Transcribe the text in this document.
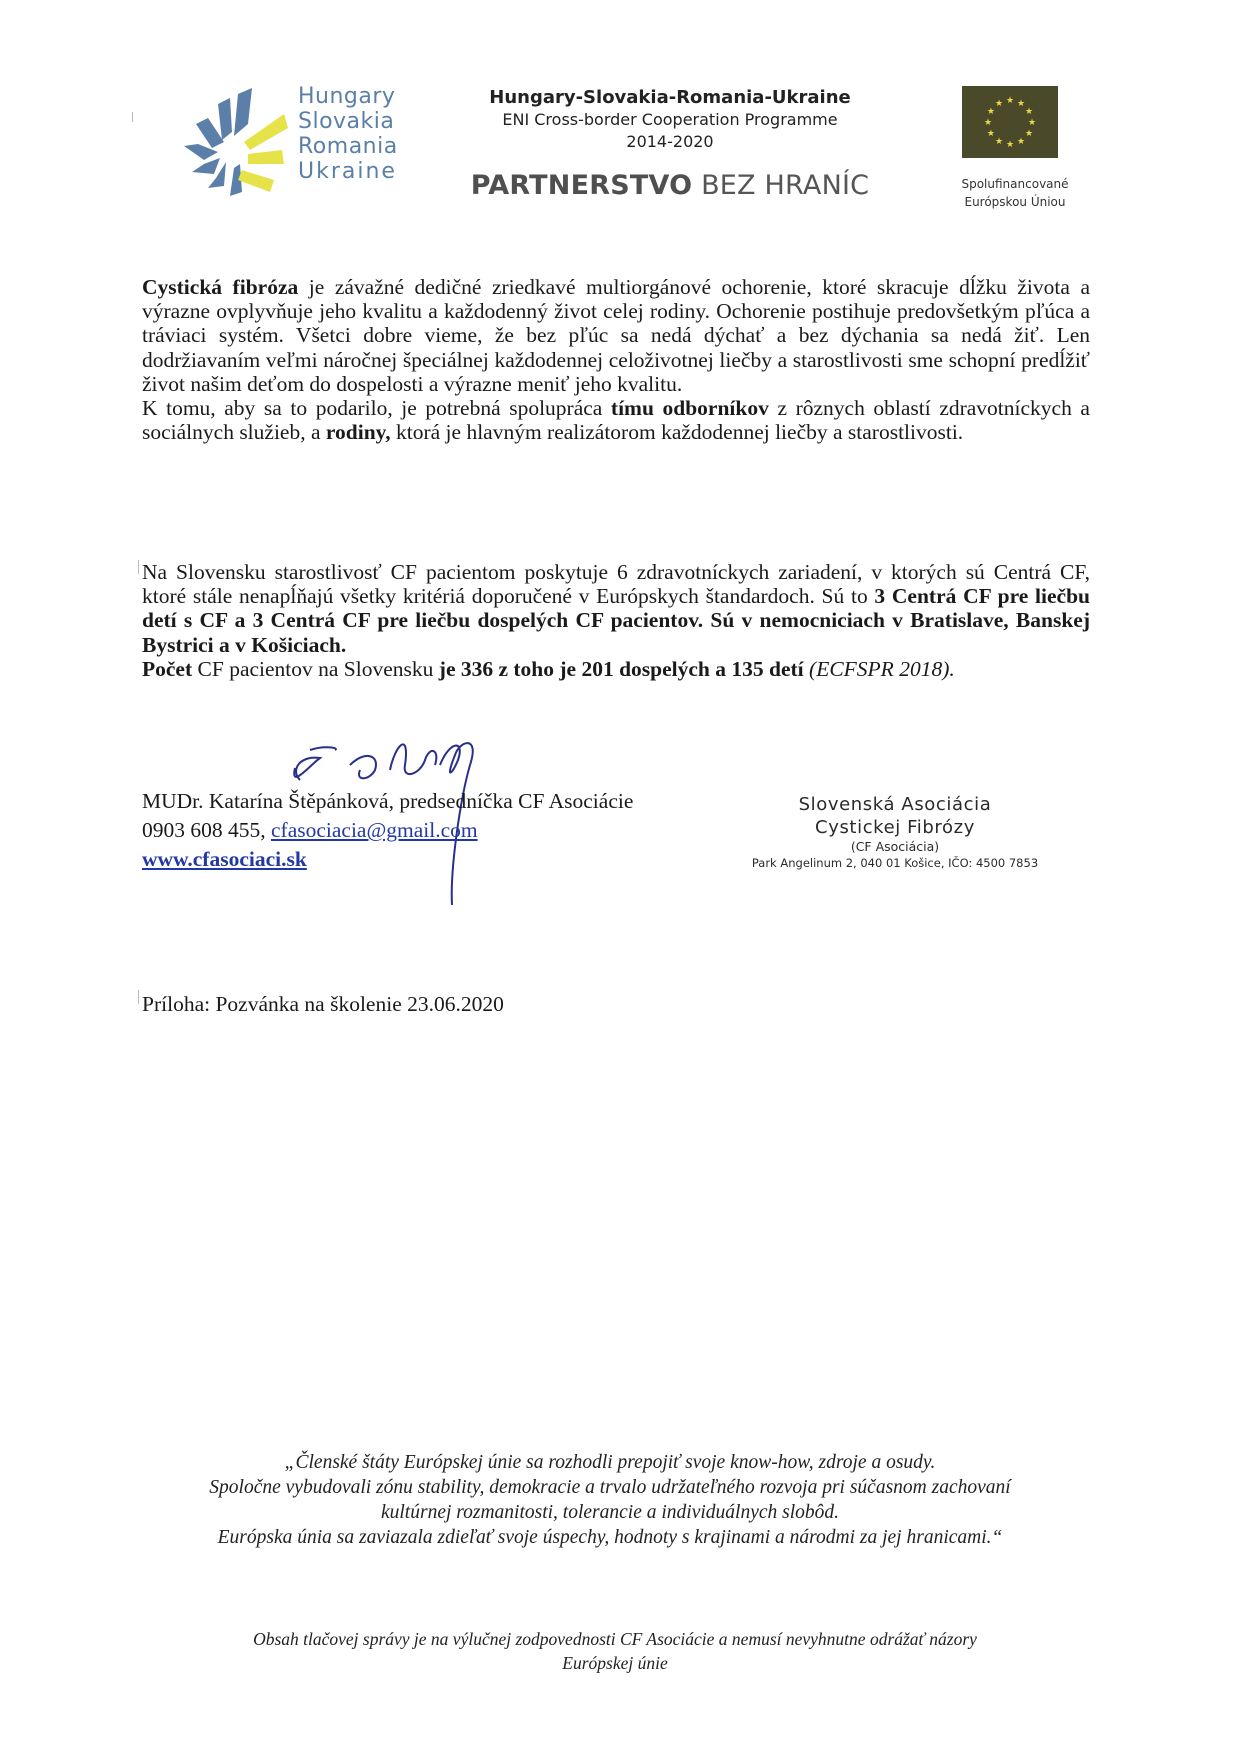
Hungary
Slovakia
Romania
Ukraine
Hungary-Slovakia-Romania-Ukraine
ENI Cross-border Cooperation Programme
2014-2020
PARTNERSTVO BEZ HRANÍC
★ ★
★
★
★
★
★
★
★
★
★
★
Spolufinancované
Európskou Úniou
Cystická fibróza je závažné dedičné zriedkavé multiorgánové ochorenie, ktoré skracuje dĺžku života a výrazne ovplyvňuje jeho kvalitu a každodenný život celej rodiny. Ochorenie postihuje predovšetkým pľúca a tráviaci systém. Všetci dobre vieme, že bez pľúc sa nedá dýchať a bez dýchania sa nedá žiť. Len dodržiavaním veľmi náročnej špeciálnej každodennej celoživotnej liečby a starostlivosti sme schopní predĺžiť život našim deťom do dospelosti a výrazne meniť jeho kvalitu.
K tomu, aby sa to podarilo, je potrebná spolupráca tímu odborníkov z rôznych oblastí zdravotníckych a sociálnych služieb, a rodiny, ktorá je hlavným realizátorom každodennej liečby a starostlivosti.
Na Slovensku starostlivosť CF pacientom poskytuje 6 zdravotníckych zariadení, v ktorých sú Centrá CF, ktoré stále nenapĺňajú všetky kritériá doporučené v Európskych štandardoch. Sú to 3 Centrá CF pre liečbu detí s CF a 3 Centrá CF pre liečbu dospelých CF pacientov. Sú v nemocniciach v Bratislave, Banskej Bystrici a v Košiciach.
Počet CF pacientov na Slovensku je 336 z toho je 201 dospelých a 135 detí (ECFSPR 2018).
MUDr. Katarína Štěpánková, predsedníčka CF Asociácie
0903 608 455, cfasociacia@gmail.com
www.cfasociaci.sk
Slovenská Asociácia
Cystickej Fibrózy
(CF Asociácia)
Park Angelinum 2, 040 01 Košice, IČO: 4500 7853
Príloha: Pozvánka na školenie 23.06.2020
„Členské štáty Európskej únie sa rozhodli prepojiť svoje know-how, zdroje a osudy.
Spoločne vybudovali zónu stability, demokracie a trvalo udržateľného rozvoja pri súčasnom zachovaní
kultúrnej rozmanitosti, tolerancie a individuálnych slobôd.
Európska únia sa zaviazala zdieľať svoje úspechy, hodnoty s krajinami a národmi za jej hranicami.“
Obsah tlačovej správy je na výlučnej zodpovednosti CF Asociácie a nemusí nevyhnutne odrážať názory
Európskej únie
